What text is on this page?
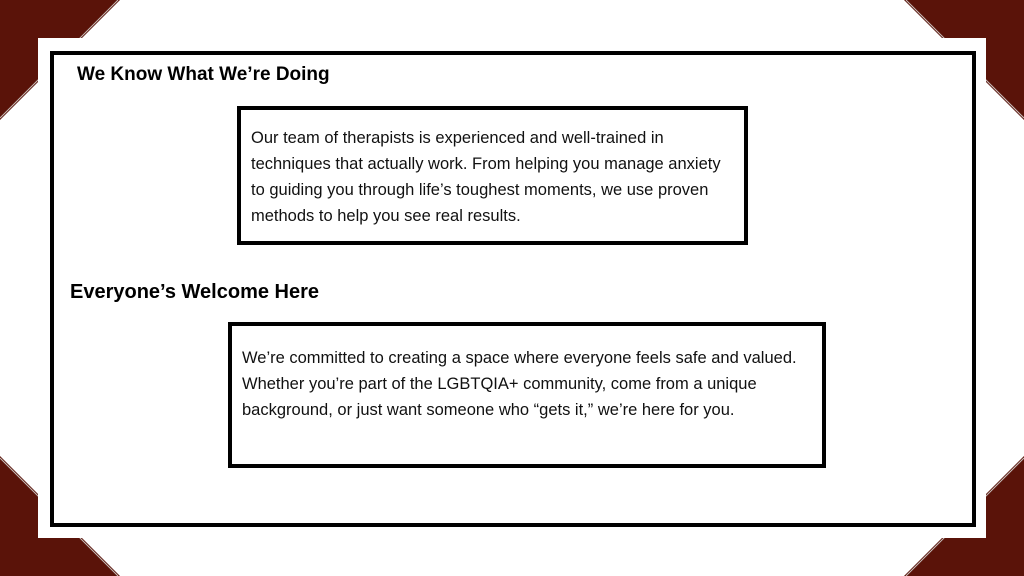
We Know What We’re Doing

Our team of therapists is experienced and well-trained in techniques that actually work. From helping you manage anxiety to guiding you through life’s toughest moments, we use proven methods to help you see real results.

Everyone’s Welcome Here

We’re committed to creating a space where everyone feels safe and valued. Whether you’re part of the LGBTQIA+ community, come from a unique background, or just want someone who “gets it,” we’re here for you.
